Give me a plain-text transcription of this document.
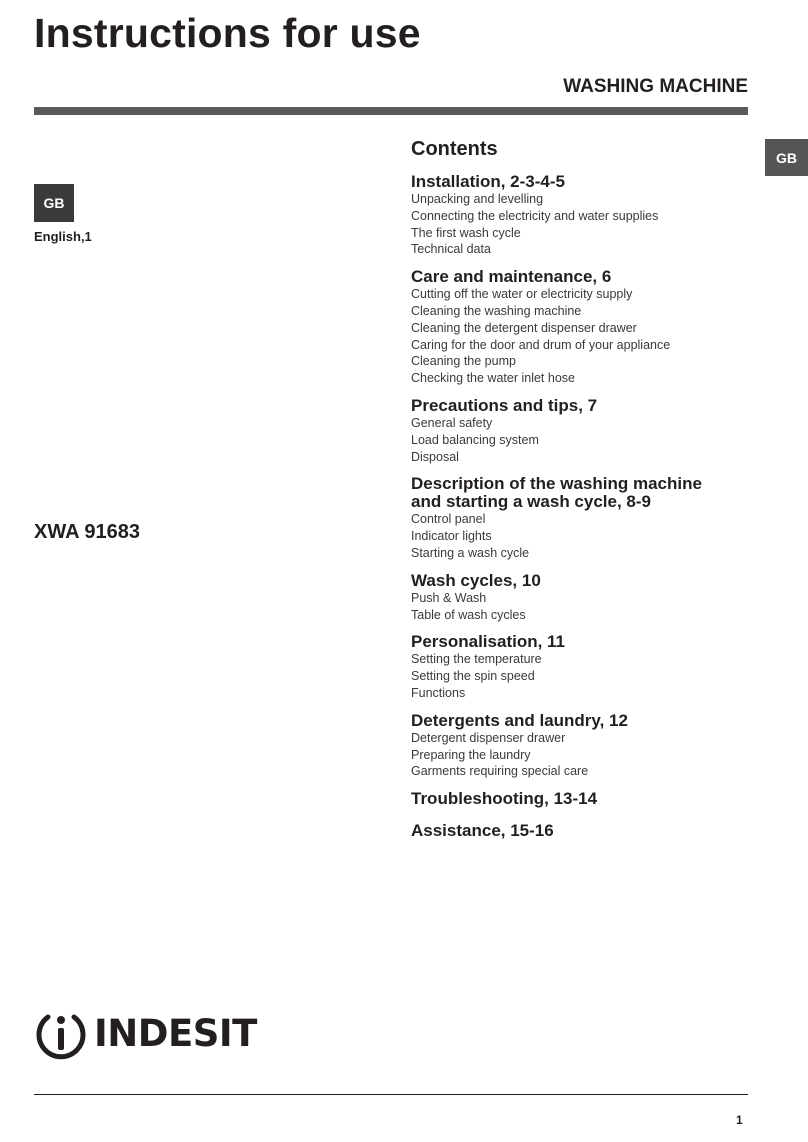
Instructions for use
WASHING MACHINE
GB
GB
English,1
XWA 91683
Contents
Installation, 2-3-4-5
Unpacking and levelling
Connecting the electricity and water supplies
The first wash cycle
Technical data
Care and maintenance, 6
Cutting off the water or electricity supply
Cleaning the washing machine
Cleaning the detergent dispenser drawer
Caring for the door and drum of your appliance
Cleaning the pump
Checking the water inlet hose
Precautions and tips, 7
General safety
Load balancing system
Disposal
Description of the washing machine
and starting a wash cycle, 8-9
Control panel
Indicator lights
Starting a wash cycle
Wash cycles, 10
Push & Wash
Table of wash cycles
Personalisation, 11
Setting the temperature
Setting the spin speed
Functions
Detergents and laundry, 12
Detergent dispenser drawer
Preparing the laundry
Garments requiring special care
Troubleshooting, 13-14
Assistance, 15-16
INDESIT
1
